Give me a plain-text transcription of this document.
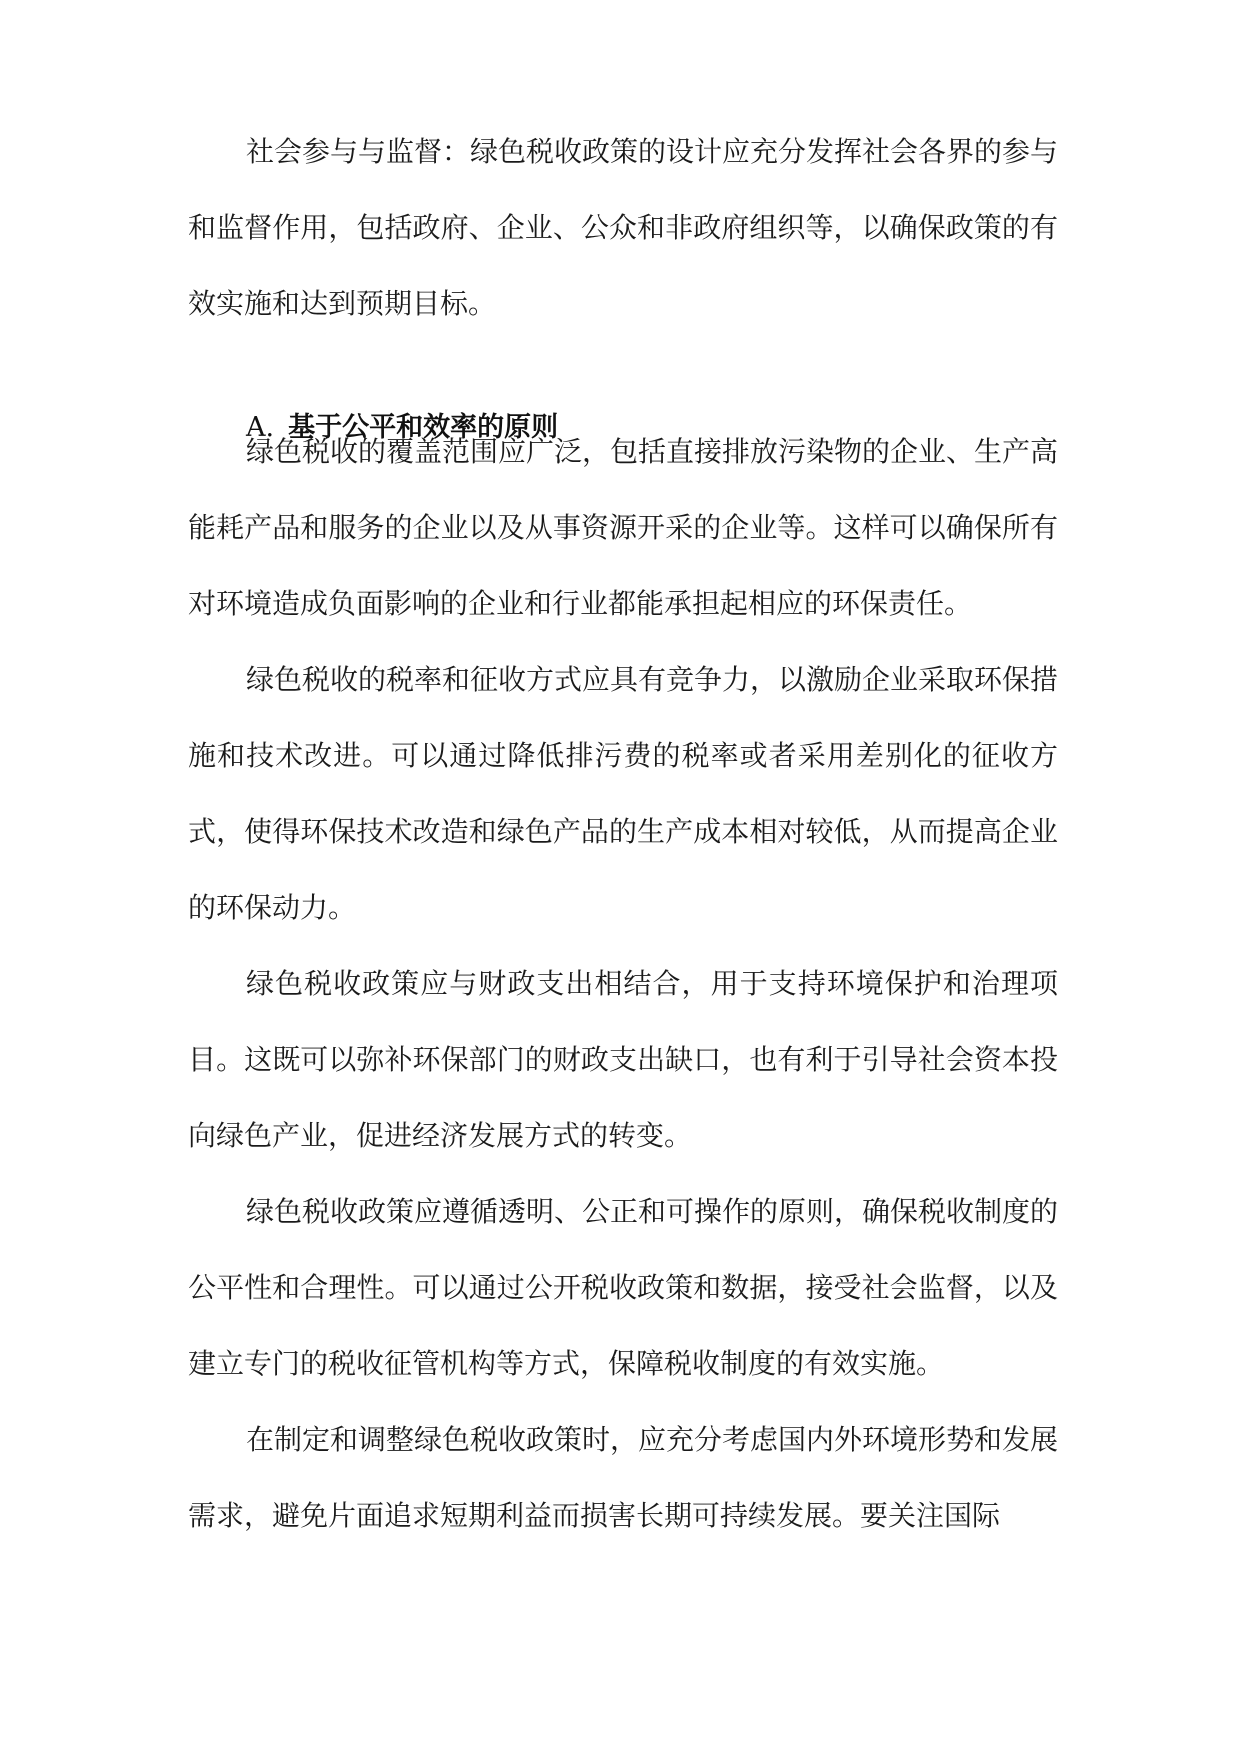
社会参与与监督：绿色税收政策的设计应充分发挥社会各界的参与和监督作用，包括政府、企业、公众和非政府组织等，以确保政策的有效实施和达到预期目标。

A. 基于公平和效率的原则

绿色税收的覆盖范围应广泛，包括直接排放污染物的企业、生产高能耗产品和服务的企业以及从事资源开采的企业等。这样可以确保所有对环境造成负面影响的企业和行业都能承担起相应的环保责任。

绿色税收的税率和征收方式应具有竞争力，以激励企业采取环保措施和技术改进。可以通过降低排污费的税率或者采用差别化的征收方式，使得环保技术改造和绿色产品的生产成本相对较低，从而提高企业的环保动力。

绿色税收政策应与财政支出相结合，用于支持环境保护和治理项目。这既可以弥补环保部门的财政支出缺口，也有利于引导社会资本投向绿色产业，促进经济发展方式的转变。

绿色税收政策应遵循透明、公正和可操作的原则，确保税收制度的公平性和合理性。可以通过公开税收政策和数据，接受社会监督，以及建立专门的税收征管机构等方式，保障税收制度的有效实施。

在制定和调整绿色税收政策时，应充分考虑国内外环境形势和发展需求，避免片面追求短期利益而损害长期可持续发展。要关注国际
